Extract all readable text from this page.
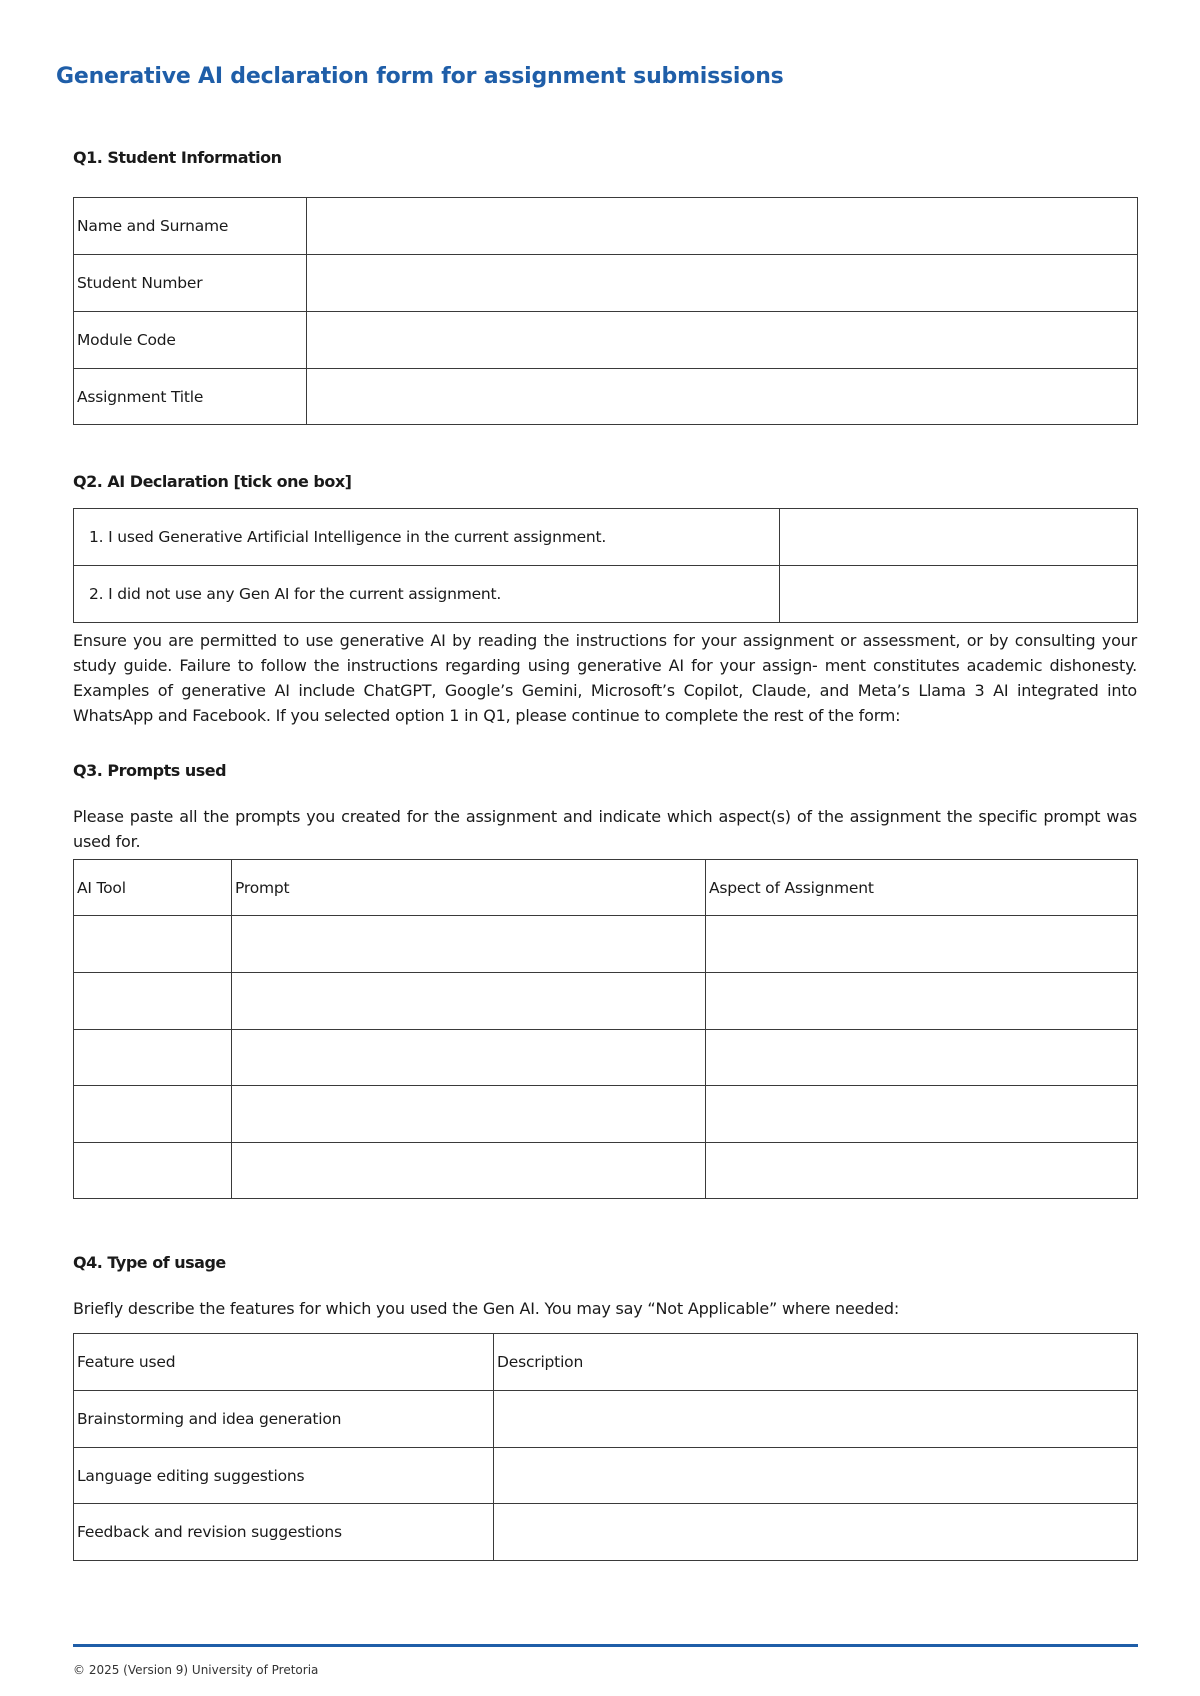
Generative AI declaration form for assignment submissions
Q1. Student Information
Name and Surname	
Student Number	
Module Code	
Assignment Title	
Q2. AI Declaration [tick one box]
1. I used Generative Artificial Intelligence in the current assignment.	
2. I did not use any Gen AI for the current assignment.	
Ensure you are permitted to use generative AI by reading the instructions for your assignment or assessment, or by consulting your study guide. Failure to follow the instructions regarding using generative AI for your assign- ment constitutes academic dishonesty. Examples of generative AI include ChatGPT, Google’s Gemini, Microsoft’s Copilot, Claude, and Meta’s Llama 3 AI integrated into WhatsApp and Facebook. If you selected option 1 in Q1, please continue to complete the rest of the form:
Q3. Prompts used
Please paste all the prompts you created for the assignment and indicate which aspect(s) of the assignment the specific prompt was used for.
AI Tool	Prompt	Aspect of Assignment

Q4. Type of usage
Briefly describe the features for which you used the Gen AI. You may say “Not Applicable” where needed:
Feature used	Description
Brainstorming and idea generation	
Language editing suggestions	
Feedback and revision suggestions	
© 2025 (Version 9) University of Pretoria
